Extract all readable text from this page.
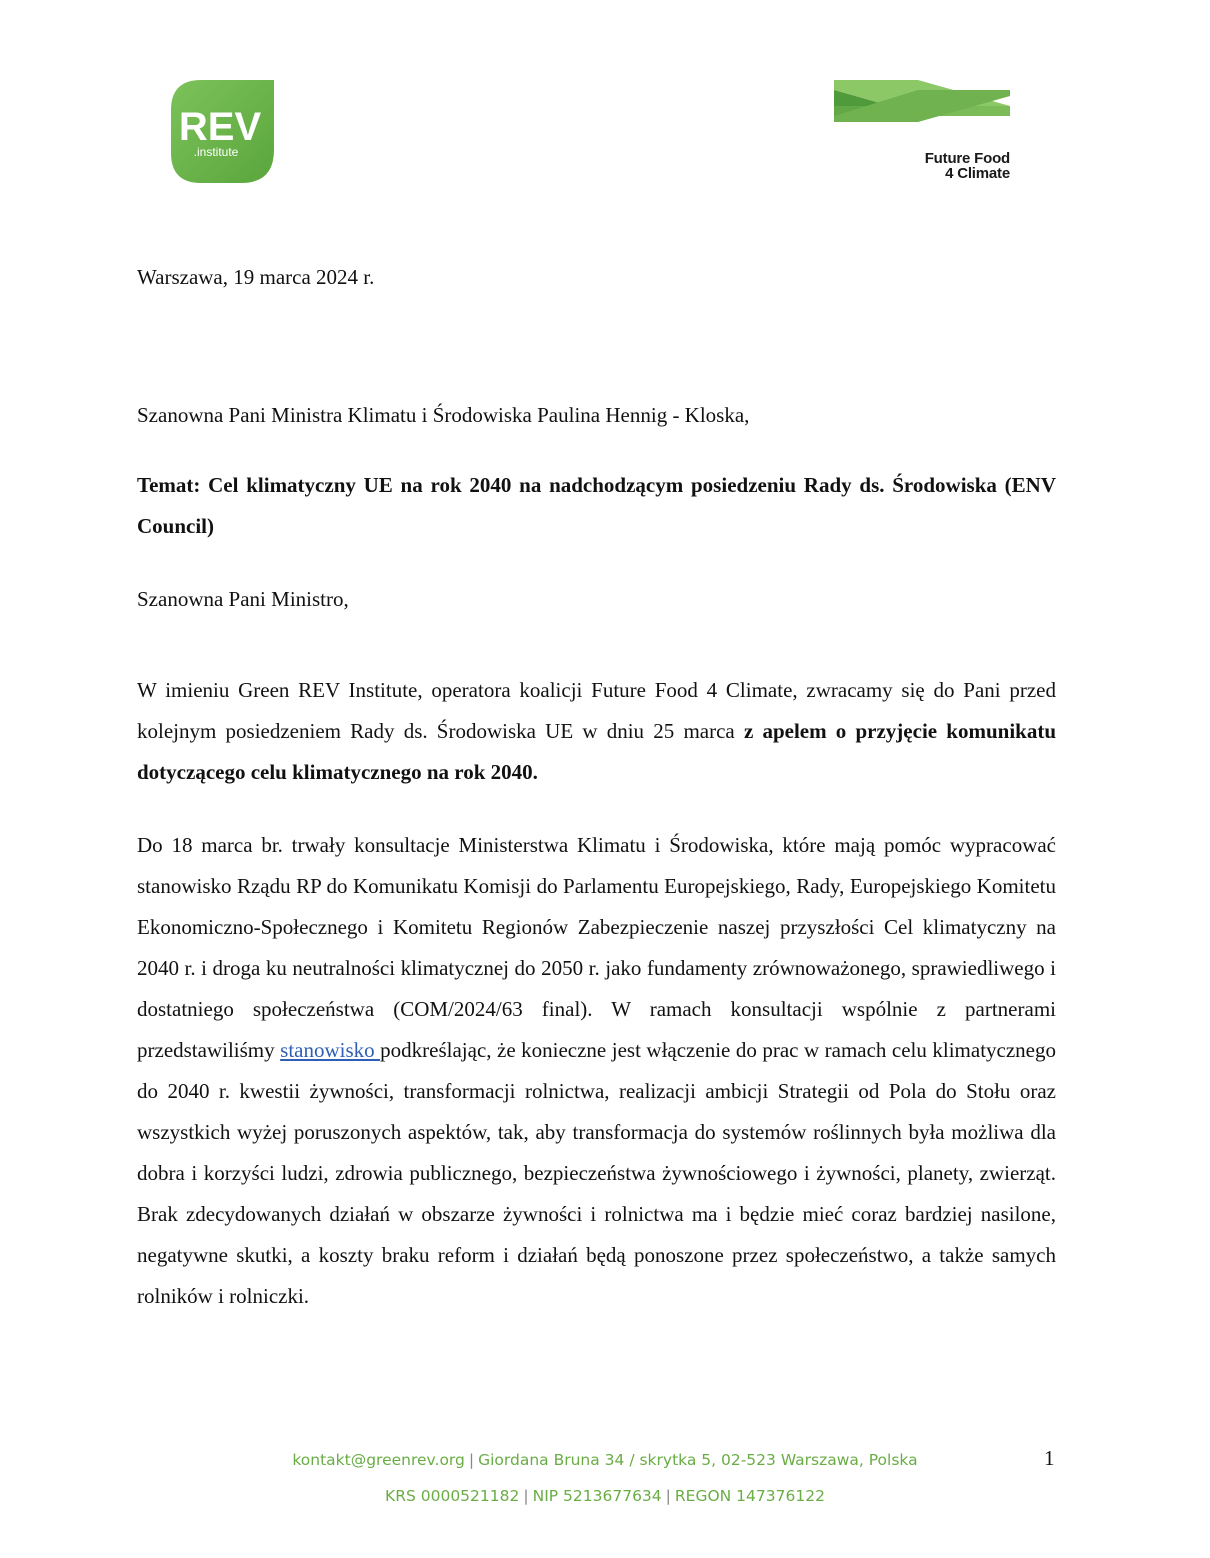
REV
.institute	Future Food
4 Climate
Warszawa, 19 marca 2024 r.
Szanowna Pani Ministra Klimatu i Środowiska Paulina Hennig - Kloska,
Temat: Cel klimatyczny UE na rok 2040 na nadchodzącym posiedzeniu Rady ds. Środowiska (ENV Council)
Szanowna Pani Ministro,

W imieniu Green REV Institute, operatora koalicji Future Food 4 Climate, zwracamy się do Pani przed kolejnym posiedzeniem Rady ds. Środowiska UE w dniu 25 marca z apelem o przyjęcie komunikatu dotyczącego celu klimatycznego na rok 2040.

Do 18 marca br. trwały konsultacje Ministerstwa Klimatu i Środowiska, które mają pomóc wypracować stanowisko Rządu RP do Komunikatu Komisji do Parlamentu Europejskiego, Rady, Europejskiego Komitetu Ekonomiczno-Społecznego i Komitetu Regionów Zabezpieczenie naszej przyszłości Cel klimatyczny na 2040 r. i droga ku neutralności klimatycznej do 2050 r. jako fundamenty zrównoważonego, sprawiedliwego i dostatniego społeczeństwa (COM/2024/63 final). W ramach konsultacji wspólnie z partnerami przedstawiliśmy stanowisko podkreślając, że konieczne jest włączenie do prac w ramach celu klimatycznego do 2040 r. kwestii żywności, transformacji rolnictwa, realizacji ambicji Strategii od Pola do Stołu oraz wszystkich wyżej poruszonych aspektów, tak, aby transformacja do systemów roślinnych była możliwa dla dobra i korzyści ludzi, zdrowia publicznego, bezpieczeństwa żywnościowego i żywności, planety, zwierząt. Brak zdecydowanych działań w obszarze żywności i rolnictwa ma i będzie mieć coraz bardziej nasilone, negatywne skutki, a koszty braku reform i działań będą ponoszone przez społeczeństwo, a także samych rolników i rolniczki.

kontakt@greenrev.org | Giordana Bruna 34 / skrytka 5, 02-523 Warszawa, Polska
KRS 0000521182 | NIP 5213677634 | REGON 147376122
1
